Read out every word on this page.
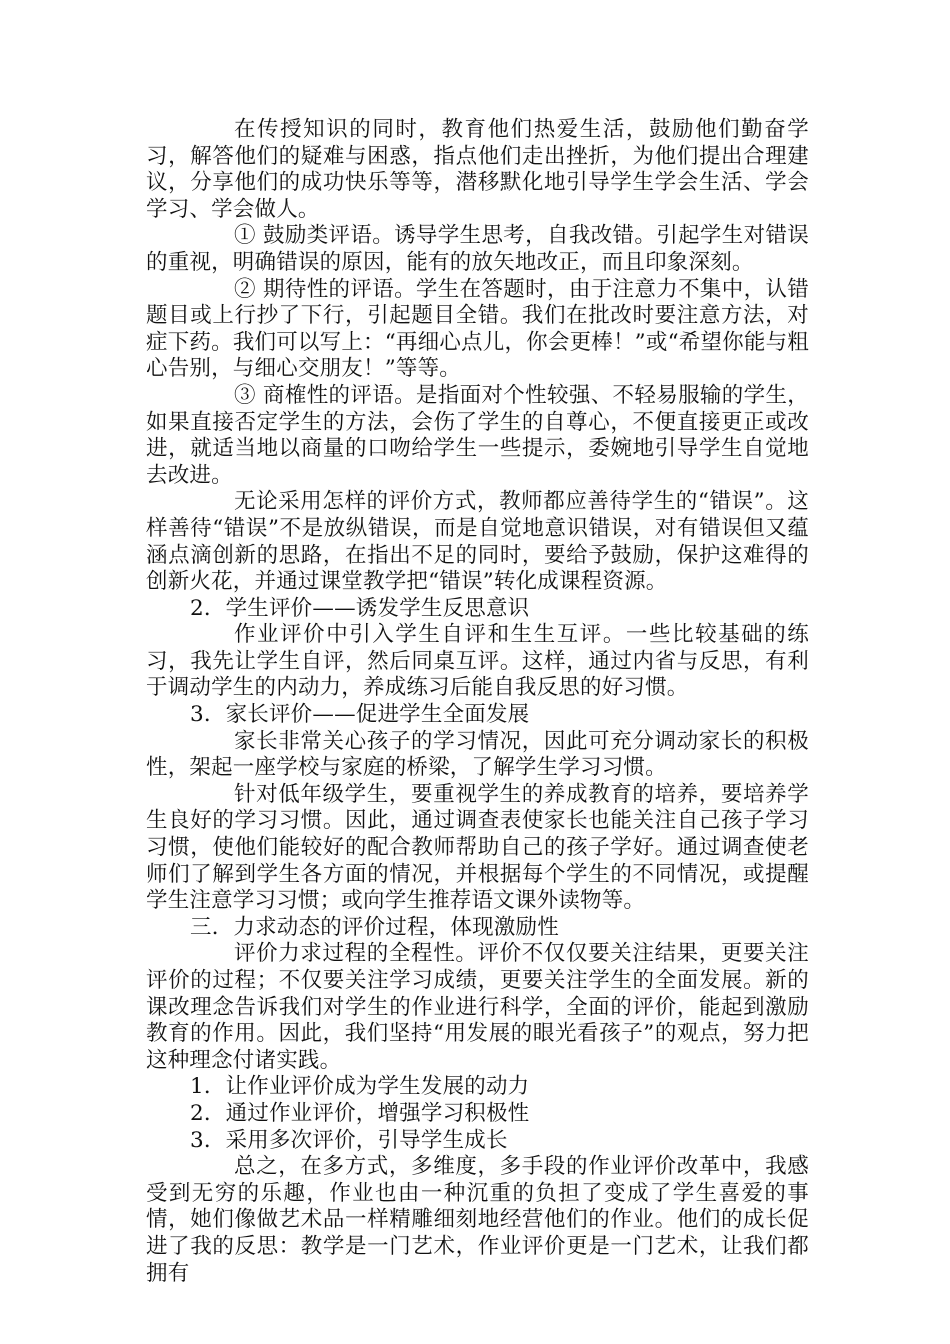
在传授知识的同时，教育他们热爱生活，鼓励他们勤奋学习，解答他们的疑难与困惑，指点他们走出挫折，为他们提出合理建议，分享他们的成功快乐等等，潜移默化地引导学生学会生活、学会学习、学会做人。

① 鼓励类评语。诱导学生思考，自我改错。引起学生对错误的重视，明确错误的原因，能有的放矢地改正，而且印象深刻。

② 期待性的评语。学生在答题时，由于注意力不集中，认错题目或上行抄了下行，引起题目全错。我们在批改时要注意方法，对症下药。我们可以写上：“再细心点儿，你会更棒！”或“希望你能与粗心告别，与细心交朋友！”等等。

③ 商榷性的评语。是指面对个性较强、不轻易服输的学生，如果直接否定学生的方法，会伤了学生的自尊心，不便直接更正或改进，就适当地以商量的口吻给学生一些提示，委婉地引导学生自觉地去改进。

无论采用怎样的评价方式，教师都应善待学生的“错误”。这样善待“错误”不是放纵错误，而是自觉地意识错误，对有错误但又蕴涵点滴创新的思路，在指出不足的同时，要给予鼓励，保护这难得的创新火花，并通过课堂教学把“错误”转化成课程资源。

2．学生评价——诱发学生反思意识

作业评价中引入学生自评和生生互评。一些比较基础的练习，我先让学生自评，然后同桌互评。这样，通过内省与反思，有利于调动学生的内动力，养成练习后能自我反思的好习惯。

3．家长评价——促进学生全面发展

家长非常关心孩子的学习情况，因此可充分调动家长的积极性，架起一座学校与家庭的桥梁，了解学生学习习惯。

针对低年级学生，要重视学生的养成教育的培养，要培养学生良好的学习习惯。因此，通过调查表使家长也能关注自己孩子学习习惯，使他们能较好的配合教师帮助自己的孩子学好。通过调查使老师们了解到学生各方面的情况，并根据每个学生的不同情况，或提醒学生注意学习习惯；或向学生推荐语文课外读物等。

三．力求动态的评价过程，体现激励性

评价力求过程的全程性。评价不仅仅要关注结果，更要关注评价的过程；不仅要关注学习成绩，更要关注学生的全面发展。新的课改理念告诉我们对学生的作业进行科学，全面的评价，能起到激励教育的作用。因此，我们坚持“用发展的眼光看孩子”的观点，努力把这种理念付诸实践。

1．让作业评价成为学生发展的动力

2．通过作业评价，增强学习积极性

3．采用多次评价，引导学生成长

总之，在多方式，多维度，多手段的作业评价改革中，我感受到无穷的乐趣，作业也由一种沉重的负担了变成了学生喜爱的事情，她们像做艺术品一样精雕细刻地经营他们的作业。他们的成长促进了我的反思：教学是一门艺术，作业评价更是一门艺术，让我们都拥有
